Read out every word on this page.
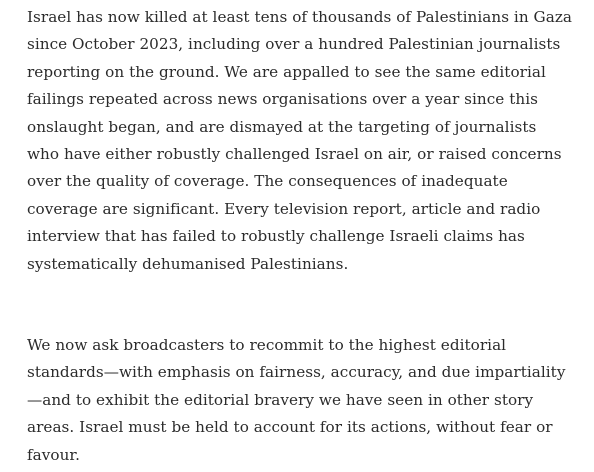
Israel has now killed at least tens of thousands of Palestinians in Gaza since October 2023, including over a hundred Palestinian journalists reporting on the ground. We are appalled to see the same editorial failings repeated across news organisations over a year since this onslaught began, and are dismayed at the targeting of journalists who have either robustly challenged Israel on air, or raised concerns over the quality of coverage. The consequences of inadequate coverage are significant. Every television report, article and radio interview that has failed to robustly challenge Israeli claims has systematically dehumanised Palestinians.

We now ask broadcasters to recommit to the highest editorial standards—with emphasis on fairness, accuracy, and due impartiality—and to exhibit the editorial bravery we have seen in other story areas. Israel must be held to account for its actions, without fear or favour.
